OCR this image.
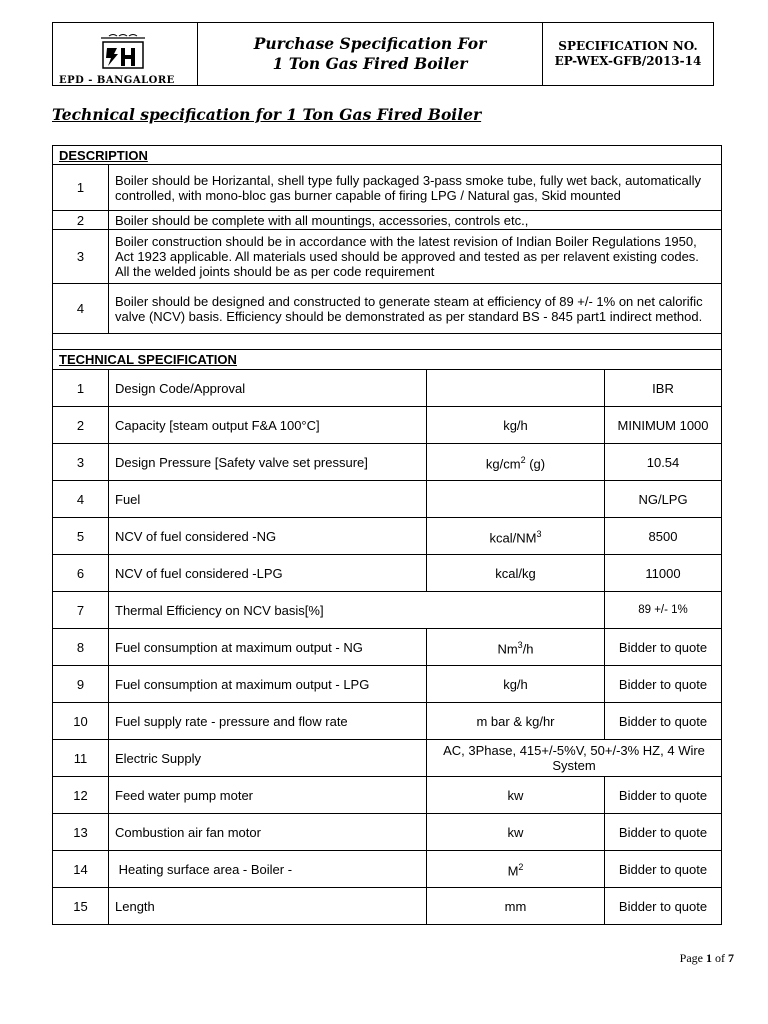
EPD - BANGALORE
Purchase Specification For
1 Ton Gas Fired Boiler
SPECIFICATION NO.
EP-WEX-GFB/2013-14
Technical specification for 1 Ton Gas Fired Boiler
DESCRIPTION			
1	Boiler should be Horizantal, shell type fully packaged 3-pass smoke tube, fully wet back, automatically controlled, with mono-bloc gas burner capable of firing LPG / Natural gas, Skid mounted		
2	Boiler should be complete with all mountings, accessories, controls etc.,		
3	Boiler construction should be in accordance with the latest revision of Indian Boiler Regulations 1950, Act 1923 applicable. All materials used should be approved and tested as per relavent existing codes. All the welded joints should be as per code requirement		
4	Boiler should be designed and constructed to generate steam at efficiency of 89 +/- 1% on net calorific valve (NCV) basis. Efficiency should be demonstrated as per standard BS - 845 part1 indirect method.		

TECHNICAL SPECIFICATION			
1	Design Code/Approval		IBR
2	Capacity [steam output F&A 100°C]	kg/h	MINIMUM 1000
3	Design Pressure [Safety valve set pressure]	$kg/cm^2$ (g)	10.54
4	Fuel		NG/LPG
5	NCV of fuel considered -NG	kcal/$NM^3$	8500
6	NCV of fuel considered -LPG	kcal/kg	11000
7	Thermal Efficiency on NCV basis[%]		89 +/- 1%
8	Fuel consumption at maximum output - NG	Nm$^3$/h	Bidder to quote
9	Fuel consumption at maximum output - LPG	kg/h	Bidder to quote
10	Fuel supply rate - pressure and flow rate	m bar & kg/hr	Bidder to quote
11	Electric Supply	AC, 3Phase, 415+/-5%V, 50+/-3% HZ, 4 Wire System	
12	Feed water pump moter	kw	Bidder to quote
13	Combustion air fan motor	kw	Bidder to quote
14	Heating surface area - Boiler -	$M^2$	Bidder to quote
15	Length	mm	Bidder to quote
Page 1 of 7
